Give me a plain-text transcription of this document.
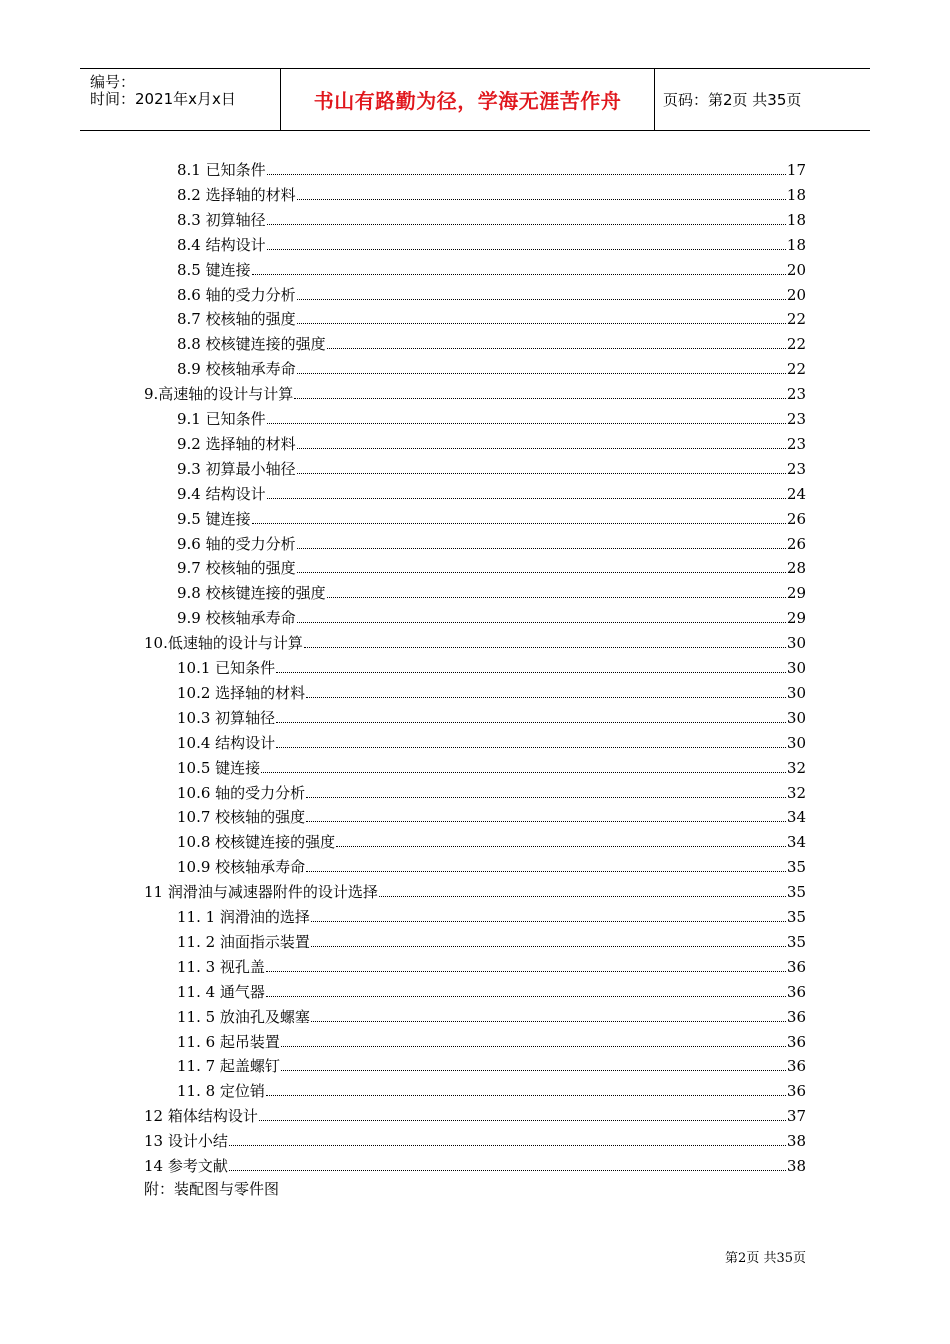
编号：
时间：2021年x月x日	书山有路勤为径，学海无涯苦作舟	页码：第2页 共35页
8.1 已知条件	17
8.2 选择轴的材料	18
8.3 初算轴径	18
8.4 结构设计	18
8.5 键连接	20
8.6 轴的受力分析	20
8.7 校核轴的强度	22
8.8 校核键连接的强度	22
8.9 校核轴承寿命	22
9.高速轴的设计与计算	23
9.1 已知条件	23
9.2 选择轴的材料	23
9.3 初算最小轴径	23
9.4 结构设计	24
9.5 键连接	26
9.6 轴的受力分析	26
9.7 校核轴的强度	28
9.8 校核键连接的强度	29
9.9 校核轴承寿命	29
10.低速轴的设计与计算	30
10.1 已知条件	30
10.2 选择轴的材料	30
10.3 初算轴径	30
10.4 结构设计	30
10.5 键连接	32
10.6 轴的受力分析	32
10.7 校核轴的强度	34
10.8 校核键连接的强度	34
10.9 校核轴承寿命	35
11 润滑油与减速器附件的设计选择	35
11. 1 润滑油的选择	35
11. 2 油面指示装置	35
11. 3 视孔盖	36
11. 4 通气器	36
11. 5 放油孔及螺塞	36
11. 6 起吊装置	36
11. 7 起盖螺钉	36
11. 8 定位销	36
12 箱体结构设计	37
13 设计小结	38
14 参考文献	38
附：装配图与零件图
第2页 共35页
